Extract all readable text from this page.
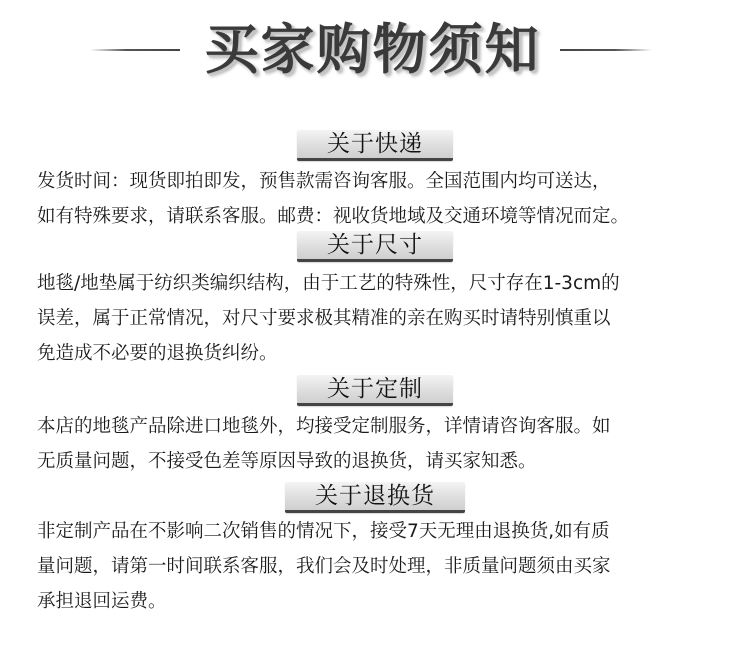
买家购物须知
关于快递

发货时间：现货即拍即发，预售款需咨询客服。全国范围内均可送达，
如有特殊要求，请联系客服。邮费：视收货地域及交通环境等情况而定。

关于尺寸

地毯/地垫属于纺织类编织结构，由于工艺的特殊性，尺寸存在1-3cm的
误差，属于正常情况，对尺寸要求极其精准的亲在购买时请特别慎重以
免造成不必要的退换货纠纷。

关于定制

本店的地毯产品除进口地毯外，均接受定制服务，详情请咨询客服。如
无质量问题，不接受色差等原因导致的退换货，请买家知悉。

关于退换货

非定制产品在不影响二次销售的情况下，接受7天无理由退换货,如有质
量问题，请第一时间联系客服，我们会及时处理，非质量问题须由买家
承担退回运费。
